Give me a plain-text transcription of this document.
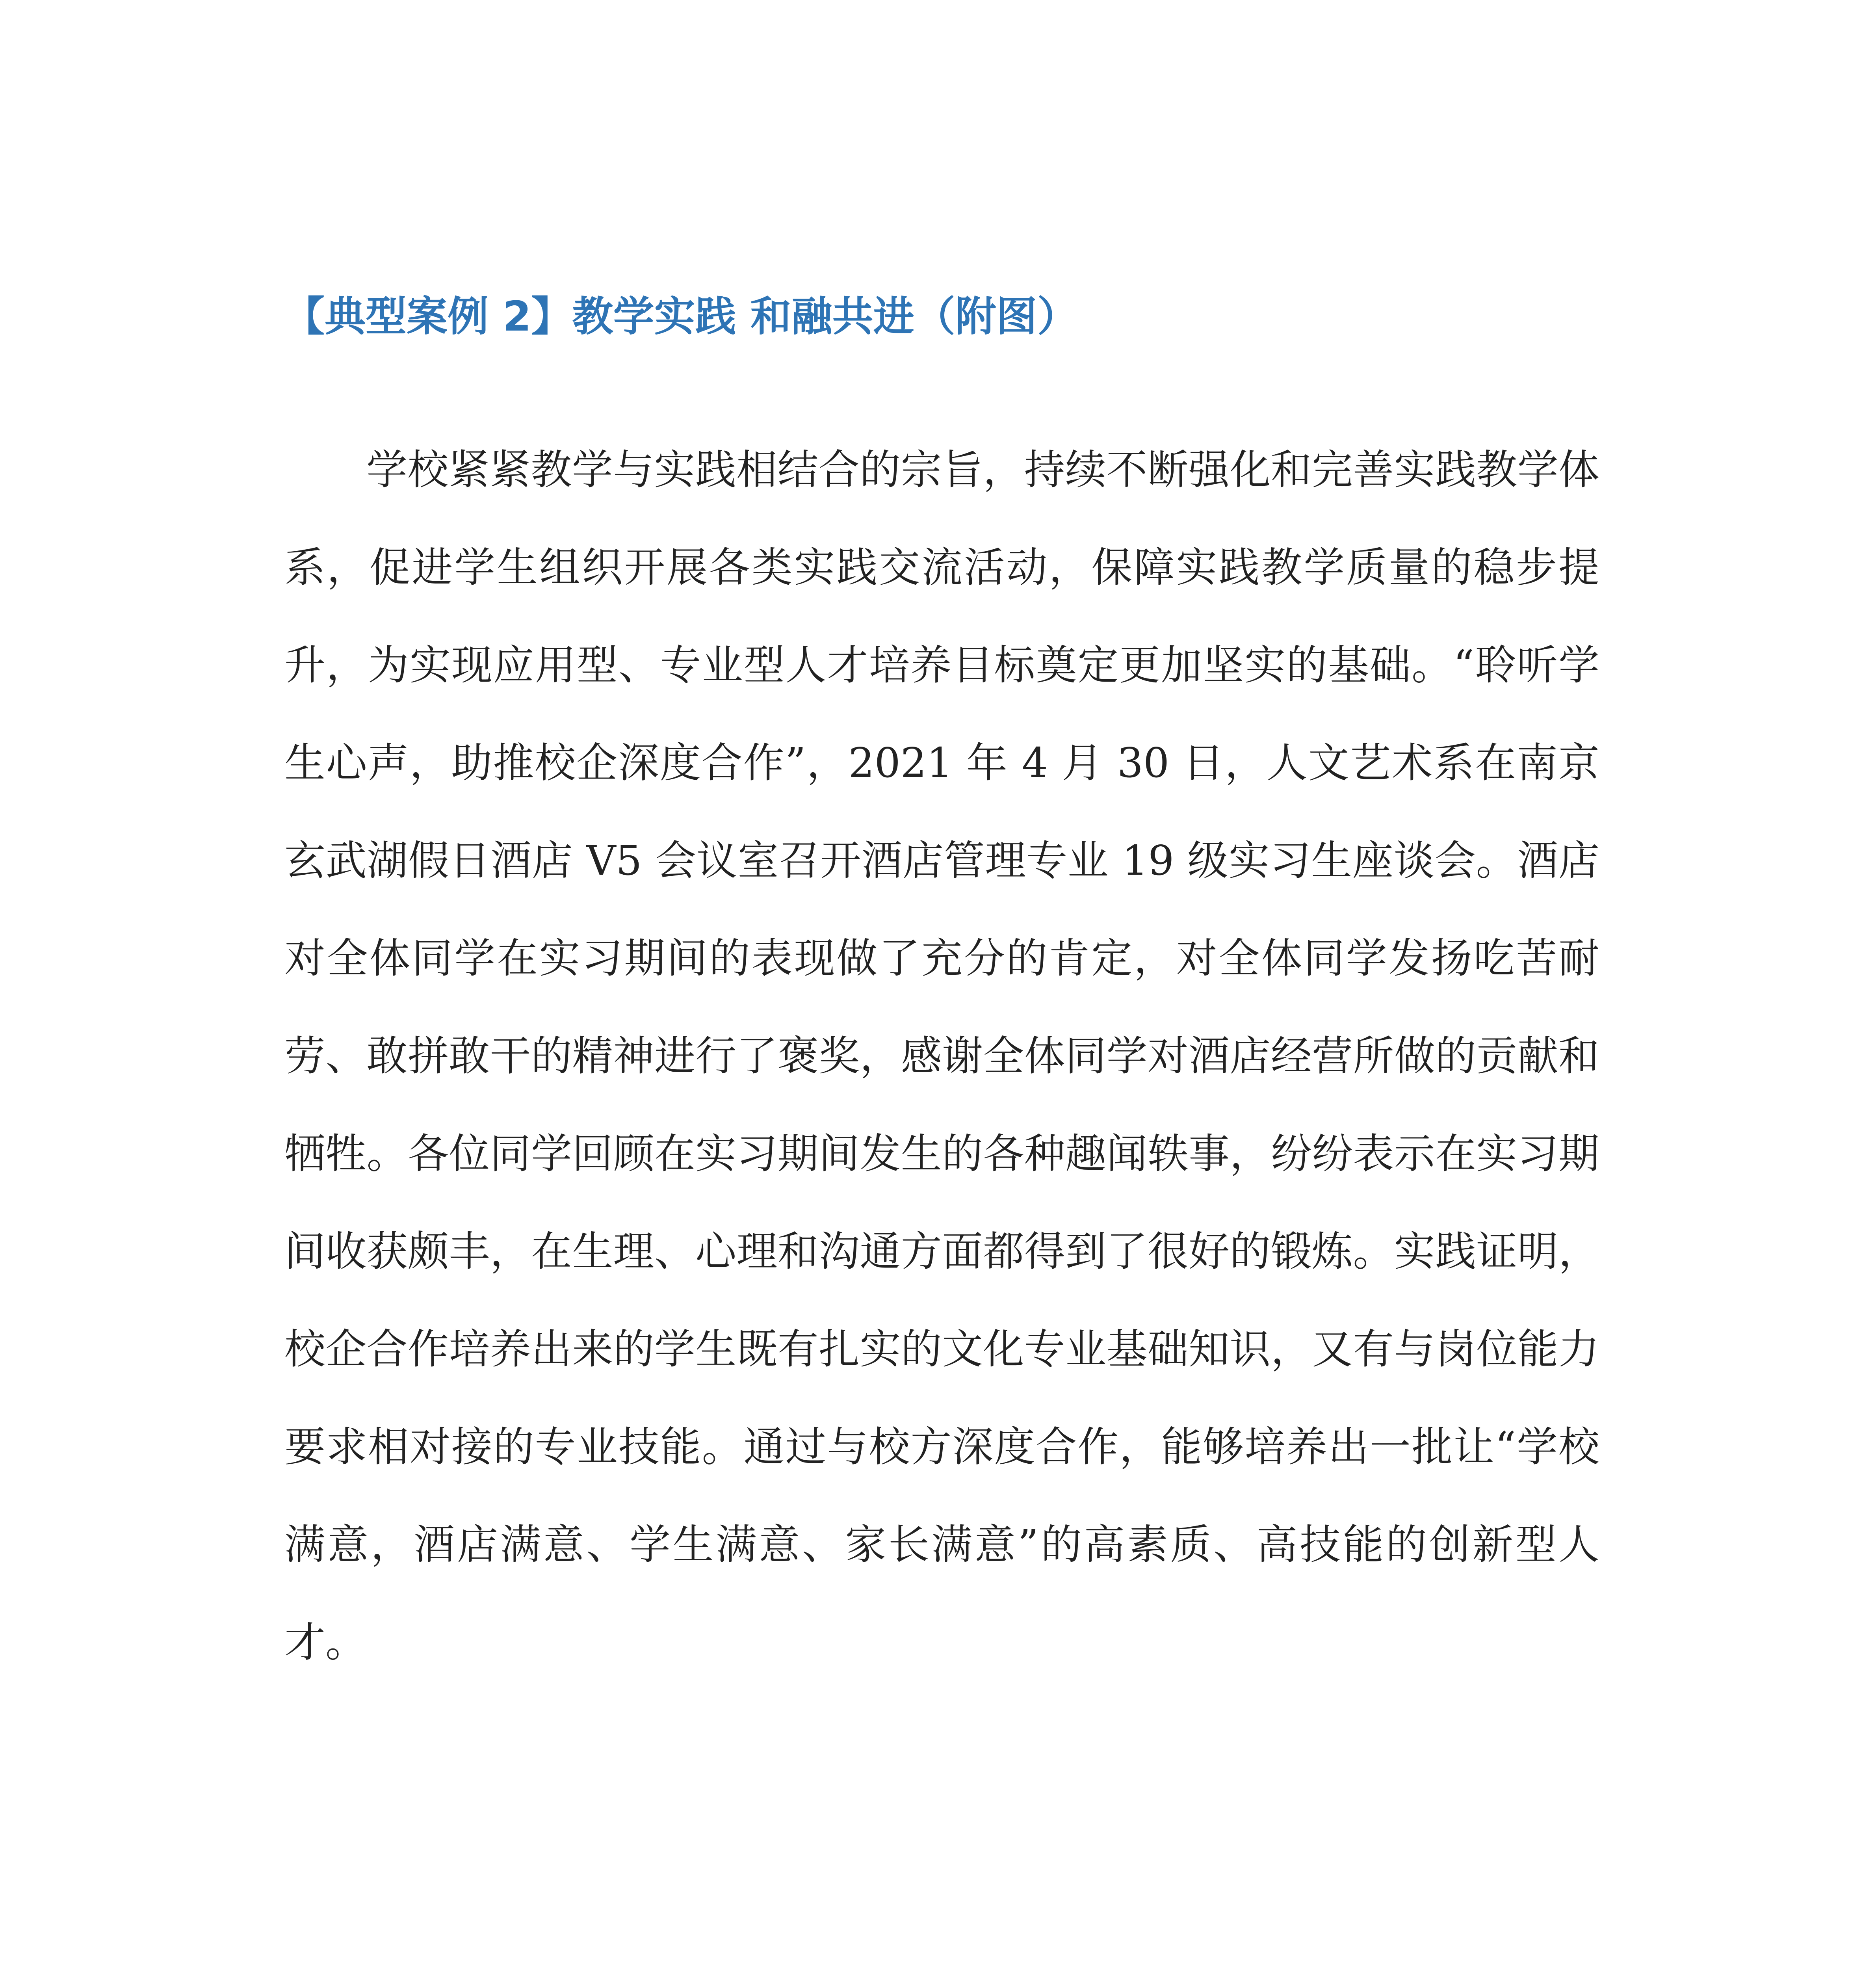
【典型案例 2】教学实践 和融共进（附图）

学校紧紧教学与实践相结合的宗旨，持续不断强化和完善实践教学体系，促进学生组织开展各类实践交流活动，保障实践教学质量的稳步提升，为实现应用型、专业型人才培养目标奠定更加坚实的基础。“聆听学生心声，助推校企深度合作”，2021 年 4 月 30 日，人文艺术系在南京玄武湖假日酒店 V5 会议室召开酒店管理专业 19 级实习生座谈会。酒店对全体同学在实习期间的表现做了充分的肯定，对全体同学发扬吃苦耐劳、敢拼敢干的精神进行了褒奖，感谢全体同学对酒店经营所做的贡献和牺牲。各位同学回顾在实习期间发生的各种趣闻轶事，纷纷表示在实习期间收获颇丰，在生理、心理和沟通方面都得到了很好的锻炼。实践证明，校企合作培养出来的学生既有扎实的文化专业基础知识，又有与岗位能力要求相对接的专业技能。通过与校方深度合作，能够培养出一批让“学校满意，酒店满意、学生满意、家长满意”的高素质、高技能的创新型人才。
